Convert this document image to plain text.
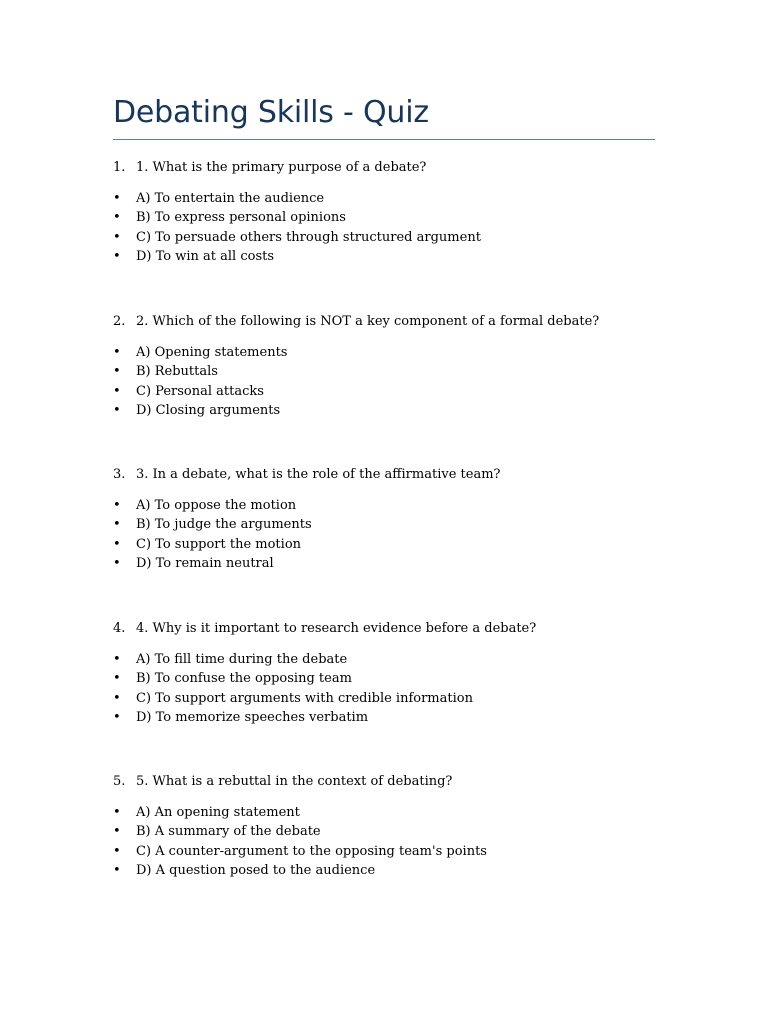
Debating Skills - Quiz
1. 1. What is the primary purpose of a debate?
• A) To entertain the audience
• B) To express personal opinions
• C) To persuade others through structured argument
• D) To win at all costs
2. 2. Which of the following is NOT a key component of a formal debate?
• A) Opening statements
• B) Rebuttals
• C) Personal attacks
• D) Closing arguments
3. 3. In a debate, what is the role of the affirmative team?
• A) To oppose the motion
• B) To judge the arguments
• C) To support the motion
• D) To remain neutral
4. 4. Why is it important to research evidence before a debate?
• A) To fill time during the debate
• B) To confuse the opposing team
• C) To support arguments with credible information
• D) To memorize speeches verbatim
5. 5. What is a rebuttal in the context of debating?
• A) An opening statement
• B) A summary of the debate
• C) A counter-argument to the opposing team's points
• D) A question posed to the audience
